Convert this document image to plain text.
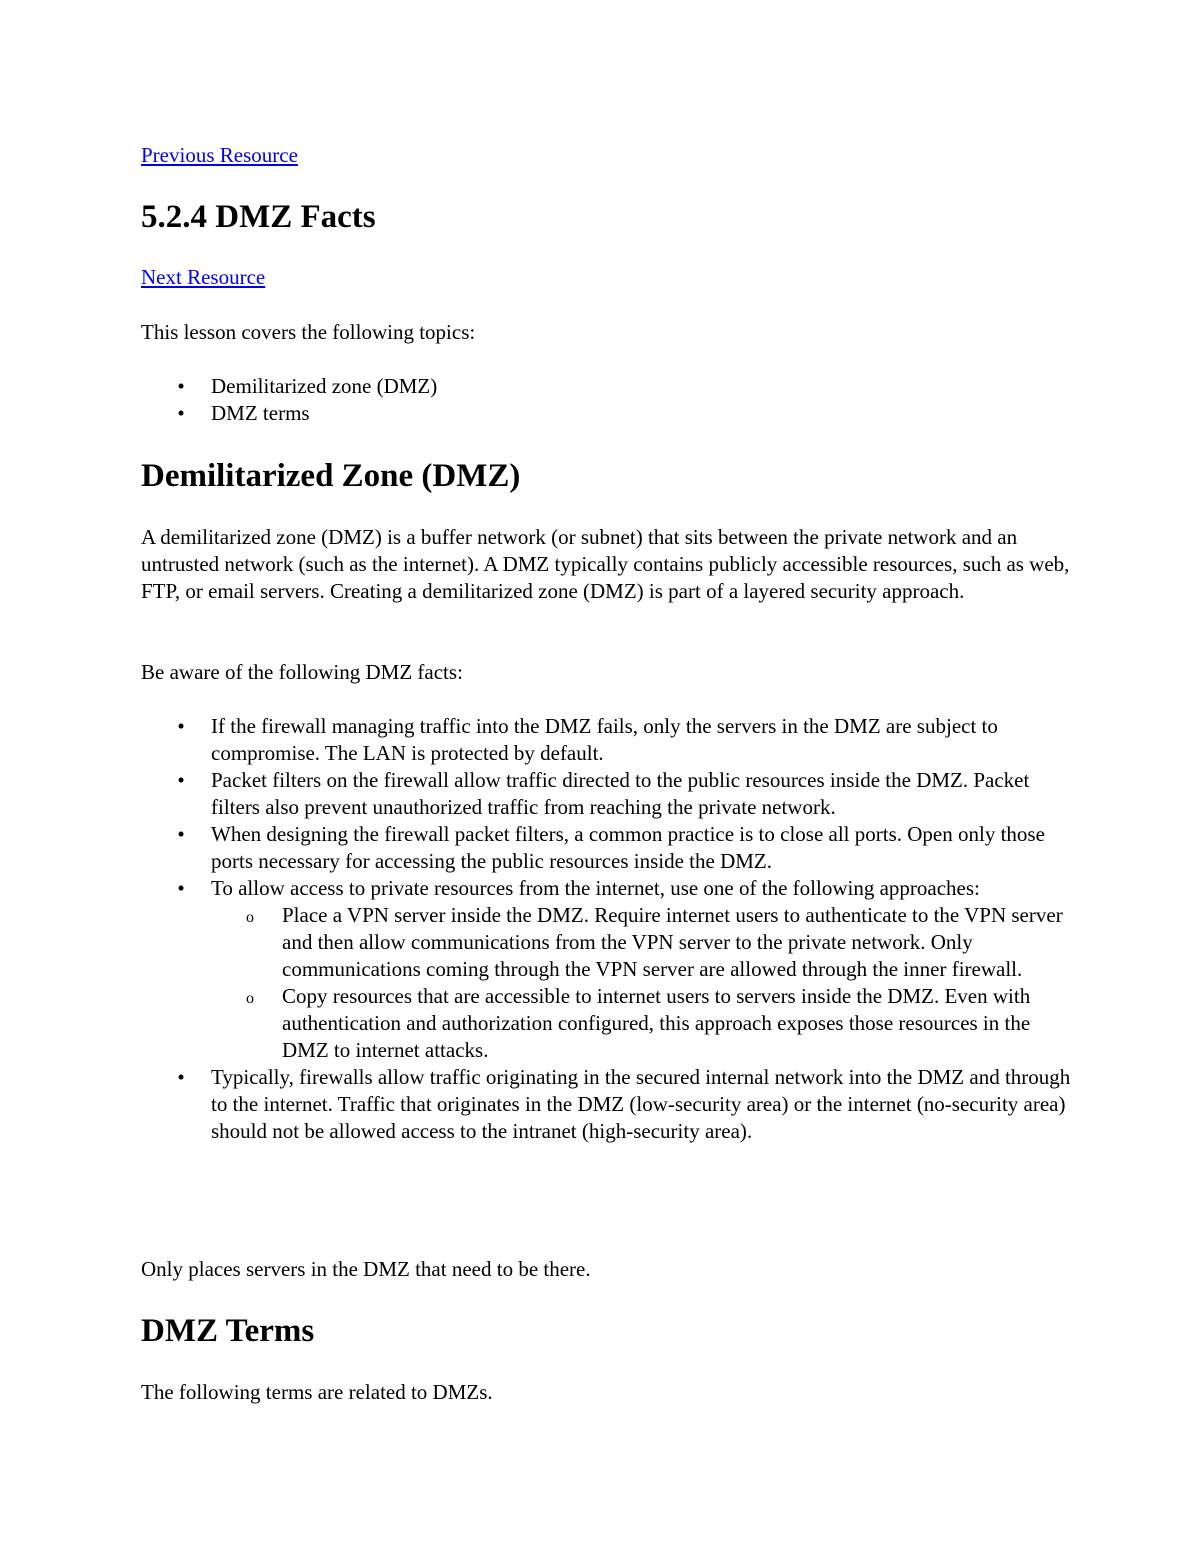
Previous Resource
5.2.4 DMZ Facts
Next Resource

This lesson covers the following topics:

•	Demilitarized zone (DMZ)
•	DMZ terms
Demilitarized Zone (DMZ)

A demilitarized zone (DMZ) is a buffer network (or subnet) that sits between the private network and an untrusted network (such as the internet). A DMZ typically contains publicly accessible resources, such as web, FTP, or email servers. Creating a demilitarized zone (DMZ) is part of a layered security approach.

Be aware of the following DMZ facts:

•	If the firewall managing traffic into the DMZ fails, only the servers in the DMZ are subject to compromise. The LAN is protected by default.
•	Packet filters on the firewall allow traffic directed to the public resources inside the DMZ. Packet filters also prevent unauthorized traffic from reaching the private network.
•	When designing the firewall packet filters, a common practice is to close all ports. Open only those ports necessary for accessing the public resources inside the DMZ.
•	To allow access to private resources from the internet, use one of the following approaches:
o Place a VPN server inside the DMZ. Require internet users to authenticate to the VPN server and then allow communications from the VPN server to the private network. Only communications coming through the VPN server are allowed through the inner firewall.
o Copy resources that are accessible to internet users to servers inside the DMZ. Even with authentication and authorization configured, this approach exposes those resources in the DMZ to internet attacks.
•	Typically, firewalls allow traffic originating in the secured internal network into the DMZ and through to the internet. Traffic that originates in the DMZ (low-security area) or the internet (no-security area) should not be allowed access to the intranet (high-security area).

Only places servers in the DMZ that need to be there.

DMZ Terms

The following terms are related to DMZs.
